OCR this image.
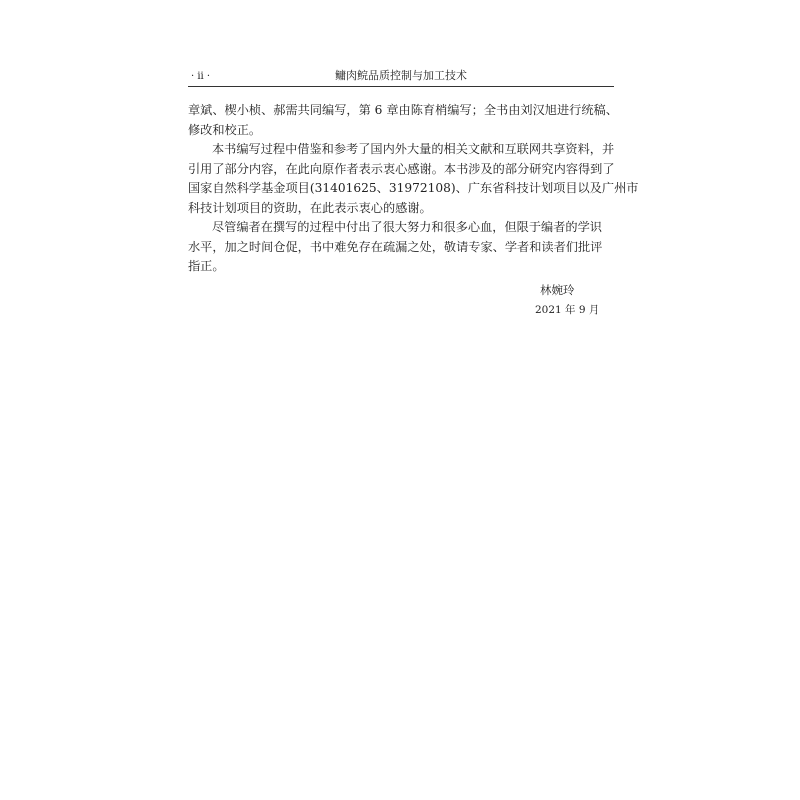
· ii ·	鳙肉鲩品质控制与加工技术
章斌、楔小桢、郝需共同编写，第 6 章由陈育梢编写；全书由刘汉旭进行统稿、
修改和校正。
本书编写过程中借鉴和参考了国内外大量的相关文献和互联网共享资料，并
引用了部分内容，在此向原作者表示衷心感谢。本书涉及的部分研究内容得到了
国家自然科学基金项目(31401625、31972108)、广东省科技计划项目以及广州市
科技计划项目的资助，在此表示衷心的感谢。
尽管编者在撰写的过程中付出了很大努力和很多心血，但限于编者的学识
水平，加之时间仓促，书中难免存在疏漏之处，敬请专家、学者和读者们批评
指正。
林婉玲
2021 年 9 月
